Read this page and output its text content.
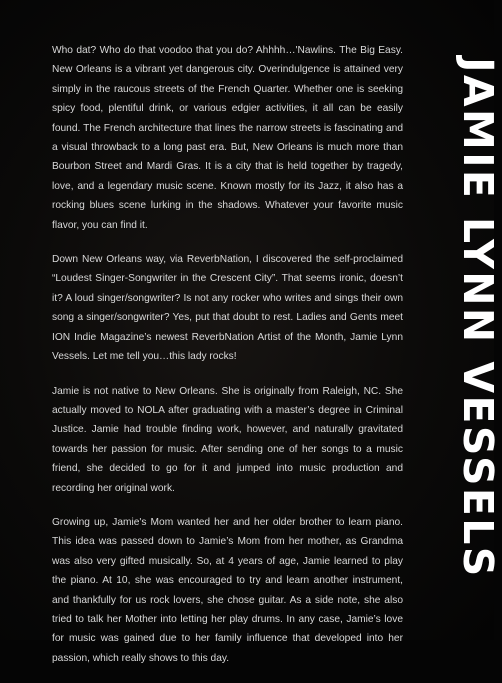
Who dat? Who do that voodoo that you do? Ahhhh…'Nawlins. The Big Easy. New Orleans is a vibrant yet dangerous city. Overindulgence is attained very simply in the raucous streets of the French Quarter. Whether one is seeking spicy food, plentiful drink, or various edgier activities, it all can be easily found. The French architecture that lines the narrow streets is fascinating and a visual throwback to a long past era. But, New Orleans is much more than Bourbon Street and Mardi Gras. It is a city that is held together by tragedy, love, and a legendary music scene. Known mostly for its Jazz, it also has a rocking blues scene lurking in the shadows. Whatever your favorite music flavor, you can find it.

Down New Orleans way, via ReverbNation, I discovered the self-proclaimed “Loudest Singer-Songwriter in the Crescent City”. That seems ironic, doesn’t it? A loud singer/songwriter? Is not any rocker who writes and sings their own song a singer/songwriter? Yes, put that doubt to rest. Ladies and Gents meet ION Indie Magazine’s newest ReverbNation Artist of the Month, Jamie Lynn Vessels. Let me tell you…this lady rocks!

Jamie is not native to New Orleans. She is originally from Raleigh, NC. She actually moved to NOLA after graduating with a master’s degree in Criminal Justice. Jamie had trouble finding work, however, and naturally gravitated towards her passion for music. After sending one of her songs to a music friend, she decided to go for it and jumped into music production and recording her original work.

Growing up, Jamie's Mom wanted her and her older brother to learn piano. This idea was passed down to Jamie’s Mom from her mother, as Grandma was also very gifted musically. So, at 4 years of age, Jamie learned to play the piano. At 10, she was encouraged to try and learn another instrument, and thankfully for us rock lovers, she chose guitar. As a side note, she also tried to talk her Mother into letting her play drums. In any case, Jamie’s love for music was gained due to her family influence that developed into her passion, which really shows to this day.

JAMIE LYNN VESSELS
